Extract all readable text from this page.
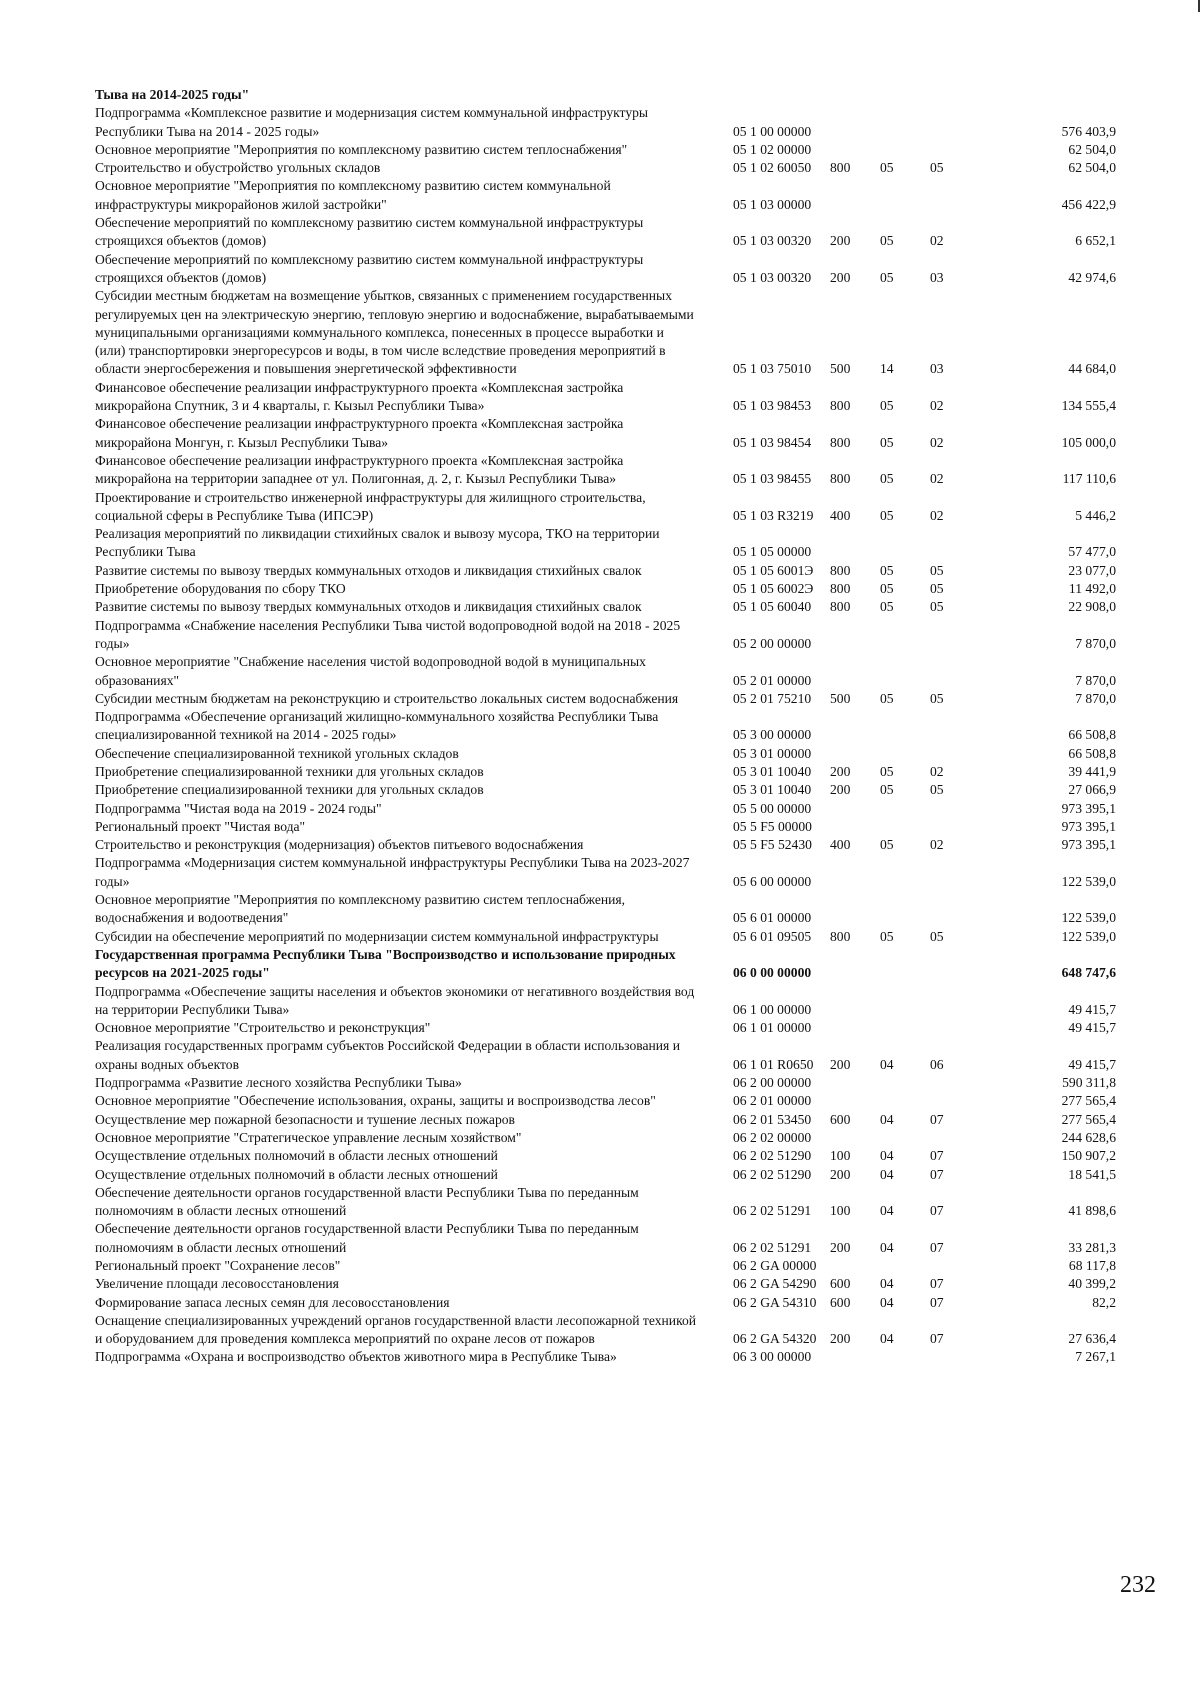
Тыва на 2014-2025 годы"					
Подпрограмма «Комплексное развитие и модернизация систем коммунальной инфраструктуры Республики Тыва на 2014 - 2025 годы»	05 1 00 00000				576 403,9
Основное мероприятие "Мероприятия по комплексному развитию систем теплоснабжения"	05 1 02 00000				62 504,0
Строительство и обустройство угольных складов	05 1 02 60050	800	05	05	62 504,0
Основное мероприятие "Мероприятия по комплексному развитию систем коммунальной инфраструктуры микрорайонов жилой застройки"	05 1 03 00000				456 422,9
Обеспечение мероприятий по комплексному развитию систем коммунальной инфраструктуры строящихся объектов (домов)	05 1 03 00320	200	05	02	6 652,1
Обеспечение мероприятий по комплексному развитию систем коммунальной инфраструктуры строящихся объектов (домов)	05 1 03 00320	200	05	03	42 974,6
Субсидии местным бюджетам на возмещение убытков, связанных с применением государственных регулируемых цен на электрическую энергию, тепловую энергию и водоснабжение, вырабатываемыми муниципальными организациями коммунального комплекса, понесенных в процессе выработки и (или) транспортировки энергоресурсов и воды, в том числе вследствие проведения мероприятий в области энергосбережения и повышения энергетической эффективности	05 1 03 75010	500	14	03	44 684,0
Финансовое обеспечение реализации инфраструктурного проекта «Комплексная застройка микрорайона Спутник, 3 и 4 кварталы, г. Кызыл Республики Тыва»	05 1 03 98453	800	05	02	134 555,4
Финансовое обеспечение реализации инфраструктурного проекта «Комплексная застройка микрорайона Монгун, г. Кызыл Республики Тыва»	05 1 03 98454	800	05	02	105 000,0
Финансовое обеспечение реализации инфраструктурного проекта «Комплексная застройка микрорайона на территории западнее от ул. Полигонная, д. 2, г. Кызыл Республики Тыва»	05 1 03 98455	800	05	02	117 110,6
Проектирование и строительство инженерной инфраструктуры для жилищного строительства, социальной сферы в Республике Тыва (ИПСЭР)	05 1 03 R3219	400	05	02	5 446,2
Реализация мероприятий по ликвидации стихийных свалок и вывозу мусора, ТКО на территории Республики Тыва	05 1 05 00000				57 477,0
Развитие системы по вывозу твердых коммунальных отходов и ликвидация стихийных свалок	05 1 05 6001Э	800	05	05	23 077,0
Приобретение оборудования по сбору ТКО	05 1 05 6002Э	800	05	05	11 492,0
Развитие системы по вывозу твердых коммунальных отходов и ликвидация стихийных свалок	05 1 05 60040	800	05	05	22 908,0
Подпрограмма «Снабжение населения Республики Тыва чистой водопроводной водой на 2018 - 2025 годы»	05 2 00 00000				7 870,0
Основное мероприятие "Снабжение населения чистой водопроводной водой в муниципальных образованиях"	05 2 01 00000				7 870,0
Субсидии местным бюджетам на реконструкцию и строительство локальных систем водоснабжения	05 2 01 75210	500	05	05	7 870,0
Подпрограмма «Обеспечение организаций жилищно-коммунального хозяйства Республики Тыва специализированной техникой на 2014 - 2025 годы»	05 3 00 00000				66 508,8
Обеспечение специализированной техникой угольных складов	05 3 01 00000				66 508,8
Приобретение специализированной техники для угольных складов	05 3 01 10040	200	05	02	39 441,9
Приобретение специализированной техники для угольных складов	05 3 01 10040	200	05	05	27 066,9
Подпрограмма "Чистая вода на 2019 - 2024 годы"	05 5 00 00000				973 395,1
Региональный проект "Чистая вода"	05 5 F5 00000				973 395,1
Строительство и реконструкция (модернизация) объектов питьевого водоснабжения	05 5 F5 52430	400	05	02	973 395,1
Подпрограмма «Модернизация систем коммунальной инфраструктуры Республики Тыва на 2023-2027 годы»	05 6 00 00000				122 539,0
Основное мероприятие "Мероприятия по комплексному развитию систем теплоснабжения, водоснабжения и водоотведения"	05 6 01 00000				122 539,0
Субсидии на обеспечение мероприятий по модернизации систем коммунальной инфраструктуры	05 6 01 09505	800	05	05	122 539,0
Государственная программа Республики Тыва "Воспроизводство и использование природных ресурсов на 2021-2025 годы"	06 0 00 00000				648 747,6
Подпрограмма «Обеспечение защиты населения и объектов экономики от негативного воздействия вод на территории Республики Тыва»	06 1 00 00000				49 415,7
Основное мероприятие "Строительство и реконструкция"	06 1 01 00000				49 415,7
Реализация государственных программ субъектов Российской Федерации в области использования и охраны водных объектов	06 1 01 R0650	200	04	06	49 415,7
Подпрограмма «Развитие лесного хозяйства Республики Тыва»	06 2 00 00000				590 311,8
Основное мероприятие "Обеспечение использования, охраны, защиты и воспроизводства лесов"	06 2 01 00000				277 565,4
Осуществление мер пожарной безопасности и тушение лесных пожаров	06 2 01 53450	600	04	07	277 565,4
Основное мероприятие "Стратегическое управление лесным хозяйством"	06 2 02 00000				244 628,6
Осуществление отдельных полномочий в области лесных отношений	06 2 02 51290	100	04	07	150 907,2
Осуществление отдельных полномочий в области лесных отношений	06 2 02 51290	200	04	07	18 541,5
Обеспечение деятельности органов государственной власти Республики Тыва по переданным полномочиям в области лесных отношений	06 2 02 51291	100	04	07	41 898,6
Обеспечение деятельности органов государственной власти Республики Тыва по переданным полномочиям в области лесных отношений	06 2 02 51291	200	04	07	33 281,3
Региональный проект "Сохранение лесов"	06 2 GA 00000				68 117,8
Увеличение площади лесовосстановления	06 2 GA 54290	600	04	07	40 399,2
Формирование запаса лесных семян для лесовосстановления	06 2 GA 54310	600	04	07	82,2
Оснащение специализированных учреждений органов государственной власти лесопожарной техникой и оборудованием для проведения комплекса мероприятий по охране лесов от пожаров	06 2 GA 54320	200	04	07	27 636,4
Подпрограмма «Охрана и воспроизводство объектов животного мира в Республике Тыва»	06 3 00 00000				7 267,1
232
